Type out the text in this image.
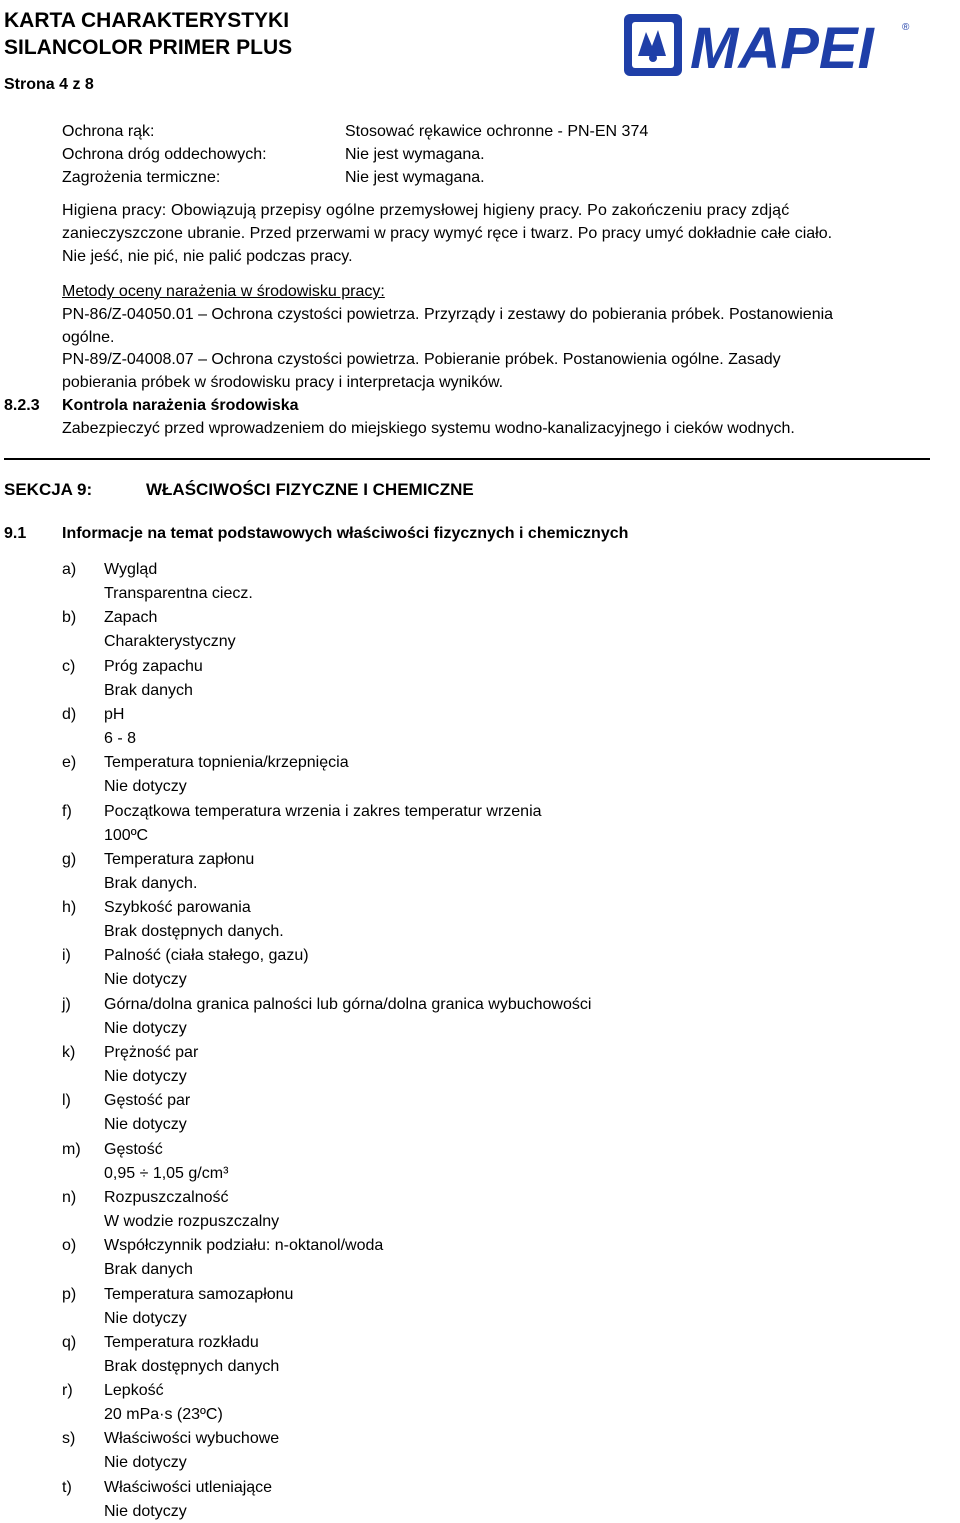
KARTA CHARAKTERYSTYKI
SILANCOLOR PRIMER PLUS
Strona 4 z 8
MAPEI	®
Ochrona rąk:	Stosować rękawice ochronne - PN-EN 374
Ochrona dróg oddechowych:	Nie jest wymagana.
Zagrożenia termiczne:	Nie jest wymagana.
Higiena pracy: Obowiązują przepisy ogólne przemysłowej higieny pracy. Po zakończeniu pracy zdjąć
zanieczyszczone ubranie. Przed przerwami w pracy wymyć ręce i twarz. Po pracy umyć dokładnie całe ciało.
Nie jeść, nie pić, nie palić podczas pracy.
Metody oceny narażenia w środowisku pracy:
PN-86/Z-04050.01 – Ochrona czystości powietrza. Przyrządy i zestawy do pobierania próbek. Postanowienia
ogólne.
PN-89/Z-04008.07 – Ochrona czystości powietrza. Pobieranie próbek. Postanowienia ogólne. Zasady
pobierania próbek w środowisku pracy i interpretacja wyników.
8.2.3 Kontrola narażenia środowiska
Zabezpieczyć przed wprowadzeniem do miejskiego systemu wodno-kanalizacyjnego i cieków wodnych.
SEKCJA 9:	WŁAŚCIWOŚCI FIZYCZNE I CHEMICZNE
9.1 Informacje na temat podstawowych właściwości fizycznych i chemicznych
a) Wygląd
Transparentna ciecz.
b) Zapach
Charakterystyczny
c) Próg zapachu
Brak danych
d) pH
6 - 8
e) Temperatura topnienia/krzepnięcia
Nie dotyczy
f) Początkowa temperatura wrzenia i zakres temperatur wrzenia
100ºC
g) Temperatura zapłonu
Brak danych.
h) Szybkość parowania
Brak dostępnych danych.
i) Palność (ciała stałego, gazu)
Nie dotyczy
j) Górna/dolna granica palności lub górna/dolna granica wybuchowości
Nie dotyczy
k) Prężność par
Nie dotyczy
l) Gęstość par
Nie dotyczy
m) Gęstość
0,95 ÷ 1,05 g/cm³
n) Rozpuszczalność
W wodzie rozpuszczalny
o) Współczynnik podziału: n-oktanol/woda
Brak danych
p) Temperatura samozapłonu
Nie dotyczy
q) Temperatura rozkładu
Brak dostępnych danych
r) Lepkość
20 mPa·s (23ºC)
s) Właściwości wybuchowe
Nie dotyczy
t) Właściwości utleniające
Nie dotyczy
